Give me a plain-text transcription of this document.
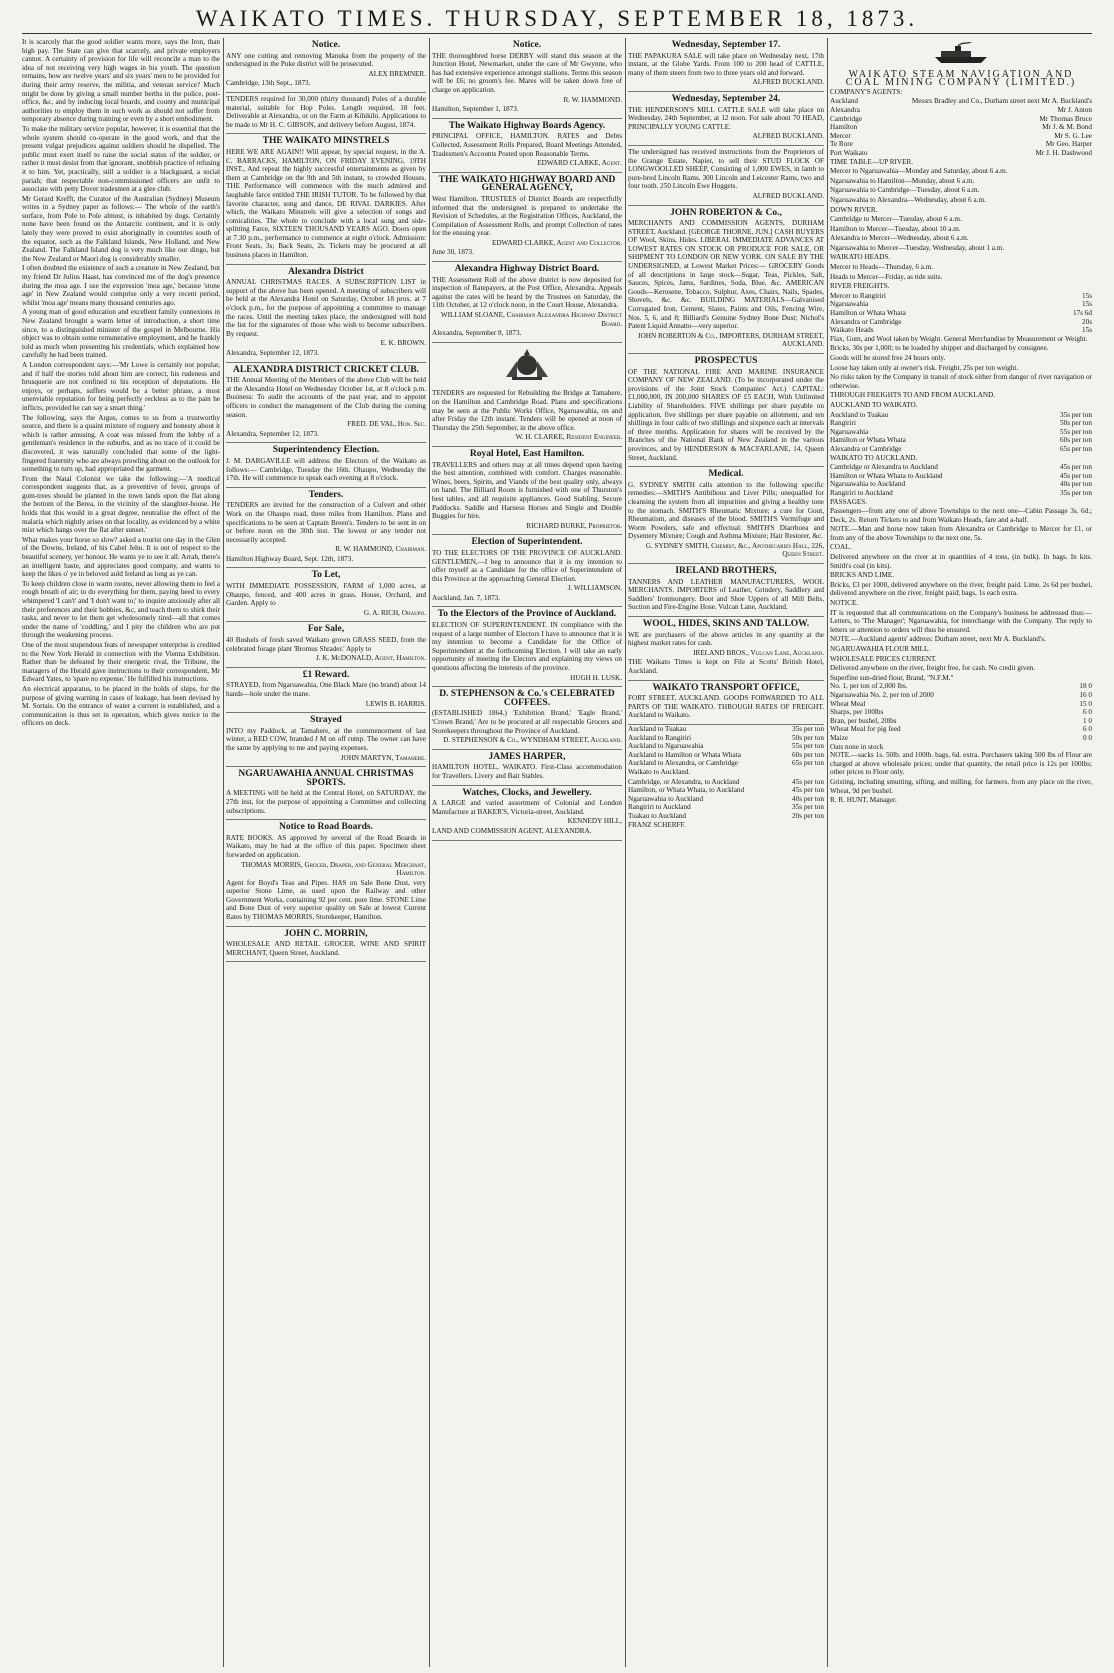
WAIKATO TIMES. THURSDAY, SEPTEMBER 18, 1873.

It is scarcely that the good soldier wants more, says the Iron, than high pay. The State can give that scarcely, and private employers cannot. A certainty of provision for life will reconcile a man to the idea of not receiving very high wages in his youth. The question remains, how are twelve years' and six years' men to be provided for during their army reserve, the militia, and veteran service? Much might be done by giving a small number berths in the police, post-office, &c, and by inducing local boards, and county and municipal authorities to employ them in such work as should not suffer from temporary absence during training or even by a short embodiment.

To make the military service popular, however, it is essential that the whole system should co-operate in the good work, and that the present vulgar prejudices against soldiers should be dispelled. The public must exert itself to raise the social status of the soldier, or rather it must desist from that ignorant, snobbish practice of refusing it to him. Yet, practically, still a soldier is a blackguard, a social pariah; that respectable non-commissioned officers are unfit to associate with petty Dover tradesmen at a glee club.

Mr Gerard Krefft, the Curator of the Australian (Sydney) Museum writes in a Sydney paper as follows:— The whole of the earth's surface, from Pole to Pole almost, is inhabited by dogs. Certainly none have been found on the Antarctic continent, and it is only lately they were proved to exist aboriginally in countries south of the equator, such as the Falkland Islands, New Holland, and New Zealand. The Falkland Island dog is very much like our dingo, but the New Zealand or Maori dog is considerably smaller.

I often doubted the existence of such a creature in New Zealand, but my friend Dr Julius Haast, has convinced me of the dog's presence during the moa age. I use the expression 'moa age,' because 'stone age' in New Zealand would comprise only a very recent period, whilst 'moa age' means many thousand centuries ago.

A young man of good education and excellent family connexions in New Zealand brought a warm letter of introduction, a short time since, to a distinguished minister of the gospel in Melbourne. His object was to obtain some remunerative employment, and he frankly told as much when presenting his credentials, which explained how carefully he had been trained.

A London correspondent says:—'Mr Lowe is certainly not popular, and if half the stories told about him are correct, his rudeness and brusquerie are not confined to his reception of deputations. He enjoys, or perhaps, suffers would be a better phrase, a most unenviable reputation for being perfectly reckless as to the pain he inflicts, provided he can say a smart thing.'

The following, says the Argus, comes to us from a trustworthy source, and there is a quaint mixture of roguery and honesty about it which is rather amusing. A coat was missed from the lobby of a gentleman's residence in the suburbs, and as no trace of it could be discovered, it was naturally concluded that some of the light-fingered fraternity who are always prowling about on the outlook for something to turn up, had appropriated the garment.

From the Natal Colonist we take the following:—'A medical correspondent suggests that, as a preventive of fever, groups of gum-trees should be planted in the town lands upon the flat along the bottom of the Berea, in the vicinity of the slaughter-house. He holds that this would in a great degree, neutralise the effect of the malaria which nightly arises on that locality, as evidenced by a white mist which hangs over the flat after sunset.'

What makes your horse so slow? asked a tourist one day in the Glen of the Downs, Ireland, of his Cabel Jehu. It is out of respect to the beautiful scenery, yer honour. He wants ye to see it all. Arrah, there's an intelligent baste, and appreciates good company, and wants to keep the likes o' ye in beloved auld Ireland as long as ye can.

To keep children close in warm rooms, never allowing them to feel a rough breath of air; to do everything for them, paying heed to every whimpered 'I can't' and 'I don't want to;' to inquire anxiously after all their preferences and their hobbies, &c, and teach them to shirk their tasks, and never to let them get wholesomely tired—all that comes under the name of 'coddling,' and I pity the children who are put through the weakening process.

One of the most stupendous feats of newspaper enterprise is credited to the New York Herald in connection with the Vienna Exhibition. Rather than be defeated by their energetic rival, the Tribune, the managers of the Herald gave instructions to their correspondent, Mr Edward Yates, to 'spare no expense.' He fulfilled his instructions.

An electrical apparatus, to be placed in the holds of ships, for the purpose of giving warning in cases of leakage, has been devised by M. Sortais. On the entrance of water a current is established, and a communication is thus set in operation, which gives notice to the officers on deck.

Notice.

ANY one cutting and removing Manuka from the property of the undersigned in the Puke district will be prosecuted.

ALEX BREMNER.

Cambridge, 13th Sept., 1873.

TENDERS required for 30,000 (thirty thousand) Poles of a durable material, suitable for Hop Poles. Length required, 18 feet. Deliverable at Alexandra, or on the Farm at Kihikihi. Applications to be made to Mr H. C. GIBSON, and delivery before August, 1874.

THE WAIKATO MINSTRELS

HERE WE ARE AGAIN!! Will appear, by special request, in the A. C. BARRACKS, HAMILTON, ON FRIDAY EVENING, 19TH INST., And repeat the highly successful entertainments as given by them at Cambridge on the 9th and 5th instant, to crowded Houses. THE Performance will commence with the much admired and laughable farce entitled THE IRISH TUTOR. To be followed by that favorite character, song and dance, DE RIVAL DARKIES. After which, the Waikato Minstrels will give a selection of songs and comicalities. The whole to conclude with a local song and side-splitting Farce, SIXTEEN THOUSAND YEARS AGO. Doors open at 7.30 p.m., performance to commence at eight o'clock. Admission: Front Seats, 3s; Back Seats, 2s. Tickets may be procured at all business places in Hamilton.

Alexandra District

ANNUAL CHRISTMAS RACES. A SUBSCRIPTION LIST in support of the above has been opened. A meeting of subscribers will be held at the Alexandra Hotel on Saturday, October 18 prox. at 7 o'clock p.m., for the purpose of appointing a committee to manage the races. Until the meeting takes place, the undersigned will hold the list for the signatures of those who wish to become subscribers. By request.

E. K. BROWN.

Alexandra, September 12, 1873.

ALEXANDRA DISTRICT CRICKET CLUB.

THE Annual Meeting of the Members of the above Club will be held at the Alexandra Hotel on Wednesday October 1st, at 8 o'clock p.m. Business: To audit the accounts of the past year, and to appoint officers to conduct the management of the Club during the coming season.

FRED. DE VAL, Hon. Sec.

Alexandra, September 12, 1873.

Superintendency Election.

J. M. DARGAVILLE will address the Electors of the Waikato as follows:— Cambridge, Tuesday the 16th. Ohaupo, Wednesday the 17th. He will commence to speak each evening at 8 o'clock.

Tenders.

TENDERS are invited for the construction of a Culvert and other Work on the Ohaupo road, three miles from Hamilton. Plans and specifications to be seen at Captain Breen's. Tenders to be sent in on or before noon on the 30th inst. The lowest or any tender not necessarily accepted.

R. W. HAMMOND, Chairman.

Hamilton Highway Board, Sept. 12th, 1873.

To Let,

WITH IMMEDIATE POSSESSION, FARM of 1,000 acres, at Ohaupo, fenced, and 400 acres in grass. House, Orchard, and Garden. Apply to

G. A. RICH, Ohaupo.

For Sale,

40 Bushels of fresh saved Waikato grown GRASS SEED, from the celebrated forage plant 'Bromus Shrader.' Apply to

J. K. McDONALD, Agent, Hamilton.

£1 Reward.

STRAYED, from Ngaruawahia, One Black Mare (no brand) about 14 hands—hole under the mane.

LEWIS B. HARRIS.

Strayed

INTO my Paddock, at Tamahere, at the commencement of last winter, a RED COW, branded J M on off rump. The owner can have the same by applying to me and paying expenses.

JOHN MARTYN, Tamahere.

NGARUAWAHIA ANNUAL CHRISTMAS SPORTS.

A MEETING will be held at the Central Hotel, on SATURDAY, the 27th inst, for the purpose of appointing a Committee and collecting subscriptions.

Notice to Road Boards.

RATE BOOKS. AS approved by several of the Road Boards in Waikato, may be had at the office of this paper. Specimen sheet forwarded on application.

THOMAS MORRIS, Grocer, Draper, and General Merchant, Hamilton.

Agent for Boyd's Teas and Pipes. HAS on Sale Bone Dust, very superior Stone Lime, as used upon the Railway and other Government Works, containing 92 per cent. pure lime. STONE Lime and Bone Dust of very superior quality on Sale at lowest Current Rates by THOMAS MORRIS, Storekeeper, Hamilton.

JOHN C. MORRIN,

WHOLESALE AND RETAIL GROCER, WINE AND SPIRIT MERCHANT, Queen Street, Auckland.

Notice.

THE thoroughbred horse DERBY will stand this season at the Junction Hotel, Newmarket, under the care of Mr Gwynne, who has had extensive experience amongst stallions. Terms this season will be £6; no groom's fee. Mares will be taken down free of charge on application.

R. W. HAMMOND.

Hamilton, September 1, 1873.

The Waikato Highway Boards Agency.

PRINCIPAL OFFICE, HAMILTON. RATES and Debts Collected, Assessment Rolls Prepared, Board Meetings Attended, Tradesmen's Accounts Posted upon Reasonable Terms.

EDWARD CLARKE, Agent.

THE WAIKATO HIGHWAY BOARD AND GENERAL AGENCY,

West Hamilton. TRUSTEES of District Boards are respectfully informed that the undersigned is prepared to undertake the Revision of Schedules, at the Registration Offices, Auckland, the Compilation of Assessment Rolls, and prompt Collection of rates for the ensuing year.

EDWARD CLARKE, Agent and Collector.

June 30, 1873.

Alexandra Highway District Board.

THE Assessment Roll of the above district is now deposited for inspection of Ratepayers, at the Post Office, Alexandra. Appeals against the rates will be heard by the Trustees on Saturday, the 11th October, at 12 o'clock noon, in the Court House, Alexandra.

WILLIAM SLOANE, Chairman Alexandra Highway District Board.

Alexandra, September 8, 1873.

TENDERS are requested for Rebuilding the Bridge at Tamahere, on the Hamilton and Cambridge Road. Plans and specifications may be seen at the Public Works Office, Ngaruawahia, on and after Friday the 12th instant. Tenders will be opened at noon of Thursday the 25th September, in the above office.

W. H. CLARKE, Resident Engineer.

Royal Hotel, East Hamilton.

TRAVELLERS and others may at all times depend upon having the best attention, combined with comfort. Charges reasonable. Wines, beers, Spirits, and Viands of the best quality only, always on hand. The Billiard Room is furnished with one of Thurston's best tables, and all requisite appliances. Good Stabling. Secure Paddocks. Saddle and Harness Horses and Single and Double Buggies for hire.

RICHARD BURKE, Proprietor.

Election of Superintendent.

TO THE ELECTORS OF THE PROVINCE OF AUCKLAND. GENTLEMEN,—I beg to announce that it is my intention to offer myself as a Candidate for the office of Superintendent of this Province at the approaching General Election.

J. WILLIAMSON.

Auckland, Jan. 7, 1873.

To the Electors of the Province of Auckland.

ELECTION OF SUPERINTENDENT. IN compliance with the request of a large number of Electors I have to announce that it is my intention to become a Candidate for the Office of Superintendent at the forthcoming Election. I will take an early opportunity of meeting the Electors and explaining my views on questions affecting the interests of the province.

HUGH H. LUSK.

D. STEPHENSON & Co.'s CELEBRATED COFFEES.

(ESTABLISHED 1864.) 'Exhibition Brand,' 'Eagle Brand,' 'Crown Brand,' Are to be procured at all respectable Grocers and Storekeepers throughout the Province of Auckland.

D. STEPHENSON & Co., WYNDHAM STREET, Auckland.

JAMES HARPER,

HAMILTON HOTEL, WAIKATO. First-Class accommodation for Travellers. Livery and Bait Stables.

Watches, Clocks, and Jewellery.

A LARGE and varied assortment of Colonial and London Manufacture at BAKER'S, Victoria-street, Auckland.

KENNEDY HILL,

LAND AND COMMISSION AGENT, ALEXANDRA.

Wednesday, September 17.

THE PAPAKURA SALE will take place on Wednesday next, 17th instant, at the Globe Yards. From 100 to 200 head of CATTLE, many of them steers from two to three years old and forward.

ALFRED BUCKLAND.

Wednesday, September 24.

THE HENDERSON'S MILL CATTLE SALE will take place on Wednesday, 24th September, at 12 noon. For sale about 70 HEAD, PRINCIPALLY YOUNG CATTLE.

ALFRED BUCKLAND.

The undersigned has received instructions from the Proprietors of the Grange Estate, Napier, to sell their STUD FLOCK OF LONGWOOLLED SHEEP, Consisting of 1,000 EWES, in lamb to pure-bred Lincoln Rams. 300 Lincoln and Leicester Rams, two and four tooth. 250 Lincoln Ewe Hoggets.

ALFRED BUCKLAND.

JOHN ROBERTON & Co.,

MERCHANTS AND COMMISSION AGENTS, DURHAM STREET, Auckland. [GEORGE THORNE, JUN.] CASH BUYERS OF Wool, Skins, Hides. LIBERAL IMMEDIATE ADVANCES AT LOWEST RATES ON STOCK OR PRODUCE FOR SALE, OR SHIPMENT TO LONDON OR NEW YORK. ON SALE BY THE UNDERSIGNED, at Lowest Market Prices:— GROCERY Goods of all descriptions in large stock—Sugar, Teas, Pickles, Salt, Sauces, Spices, Jams, Sardines, Soda, Blue, &c. AMERICAN Goods—Kerosene, Tobacco, Sulphur, Axes, Chairs, Nails, Spades, Shovels, &c. &c. BUILDING MATERIALS—Galvanised Corrugated Iron, Cement, Slates, Paints and Oils, Fencing Wire, Nos. 5, 6, and 8; Billiard's Genuine Sydney Bone Dust; Nichol's Patent Liquid Annatto—very superior.

JOHN ROBERTON & Co., IMPORTERS, DURHAM STREET, AUCKLAND.

PROSPECTUS

OF THE NATIONAL FIRE AND MARINE INSURANCE COMPANY OF NEW ZEALAND. (To be incorporated under the provisions of the Joint Stock Companies' Act.) CAPITAL: £1,000,000, IN 200,000 SHARES OF £5 EACH, With Unlimited Liability of Shareholders. FIVE shillings per share payable on application, five shillings per share payable on allotment, and ten shillings in four calls of two shillings and sixpence each at intervals of three months. Application for shares will be received by the Branches of the National Bank of New Zealand in the various provinces, and by HENDERSON & MACFARLANE, 14, Queen Street, Auckland.

Medical.

G. SYDNEY SMITH calls attention to the following specific remedies:—SMITH'S Antibilious and Liver Pills; unequalled for cleansing the system from all impurities and giving a healthy tone to the stomach. SMITH'S Rheumatic Mixture; a cure for Gout, Rheumatism, and diseases of the blood. SMITH'S Vermifuge and Worm Powders, safe and effectual. SMITH'S Diarrhoea and Dysentery Mixture; Cough and Asthma Mixture; Hair Restorer, &c.

G. SYDNEY SMITH, Chemist, &c., Apothecaries Hall, 226, Queen Street.

IRELAND BROTHERS,

TANNERS AND LEATHER MANUFACTURERS, WOOL MERCHANTS. IMPORTERS of Leather, Grindery, Saddlery and Saddlers' Ironmongery. Boot and Shoe Uppers of all Mill Belts, Suction and Fire-Engine Hose. Vulcan Lane, Auckland.

WOOL, HIDES, SKINS AND TALLOW.

WE are purchasers of the above articles in any quantity at the highest market rates for cash.

IRELAND BROS., Vulcan Lane, Auckland.

THE Waikato Times is kept on File at Scotts' British Hotel, Auckland.

WAIKATO TRANSPORT OFFICE,

FORT STREET, AUCKLAND. GOODS FORWARDED TO ALL PARTS OF THE WAIKATO. THROUGH RATES OF FREIGHT. Auckland to Waikato.

Auckland to Tuakau	35s per ton
Auckland to Rangiriri	50s per ton
Auckland to Ngaruawahia	55s per ton
Auckland to Hamilton or Whata Whata	60s per ton
Auckland to Alexandra, or Cambridge	65s per ton

Waikato to Auckland.

Cambridge, or Alexandra, to Auckland	45s per ton
Hamilton, or Whata Whata, to Auckland	45s per ton
Ngaruawahia to Auckland	40s per ton
Rangiriri to Auckland	35s per ton
Tuakau to Auckland	20s per ton

FRANZ SCHERFF.

WAIKATO STEAM NAVIGATION AND COAL MINING COMPANY (LIMITED.)

COMPANY'S AGENTS:

Auckland	Messrs Bradley and Co., Durham street next Mr A. Buckland's
Alexandra	Mr J. Anton
Cambridge	Mr Thomas Bruce
Hamilton	Mr J. & M. Bond
Mercer	Mr S. G. Lee
Te Rore	Mr Geo. Harper
Port Waikato	Mr J. H. Dashwood

TIME TABLE—UP RIVER.

Mercer to Ngaruawahia—Monday and Saturday, about 6 a.m.

Ngaruawahia to Hamilton—Monday, about 6 a.m.

Ngaruawahia to Cambridge—Tuesday, about 6 a.m.

Ngaruawahia to Alexandra—Wednesday, about 6 a.m.

DOWN RIVER.

Cambridge to Mercer—Tuesday, about 6 a.m.

Hamilton to Mercer—Tuesday, about 10 a.m.

Alexandra to Mercer—Wednesday, about 6 a.m.

Ngaruawahia to Mercer—Tuesday, Wednesday, about 1 a.m.

WAIKATO HEADS.

Mercer to Heads—Thursday, 6 a.m.

Heads to Mercer—Friday, as tide suits.

RIVER FREIGHTS.

Mercer to Rangiriri	15s
Ngaruawahia	15s
Hamilton or Whata Whata	17s 6d
Alexandra or Cambridge	20s
Waikato Heads	15s

Flax, Gum, and Wool taken by Weight. General Merchandise by Measurement or Weight.

Bricks, 30s per 1,000; to be loaded by shipper and discharged by consignee.

Goods will be stored free 24 hours only.

Loose hay taken only at owner's risk. Freight, 25s per ton weight.

No risks taken by the Company in transit of stock either from danger of river navigation or otherwise.

THROUGH FREIGHTS TO AND FROM AUCKLAND.

AUCKLAND TO WAIKATO.

Auckland to Tuakau	35s per ton
Rangiriri	50s per ton
Ngaruawahia	55s per ton
Hamilton or Whata Whata	60s per ton
Alexandra or Cambridge	65s per ton

WAIKATO TO AUCKLAND.

Cambridge or Alexandra to Auckland	45s per ton
Hamilton or Whata Whata to Auckland	45s per ton
Ngaruawahia to Auckland	40s per ton
Rangiriri to Auckland	35s per ton

PASSAGES.

Passengers—from any one of above Townships to the next one—Cabin Passage 3s. 6d.; Deck, 2s. Return Tickets to and from Waikato Heads, fare and a-half.

NOTE.—Man and horse now taken from Alexandra or Cambridge to Mercer for £1, or from any of the above Townships to the next one, 5s.

COAL.

Delivered anywhere on the river at in quantities of 4 tons, (in bulk). In bags. In kits. Smith's coal (in kits).

BRICKS AND LIME.

Bricks, £3 per 1000, delivered anywhere on the river, freight paid. Lime, 2s 6d per bushel, delivered anywhere on the river, freight paid; bags, 1s each extra.

NOTICE.

IT is requested that all communications on the Company's business be addressed thus:—Letters, to 'The Manager'; Ngaruawahia, for interchange with the Company. The reply to letters or attention to orders will thus be ensured.

NOTE.—Auckland agents' address: Durham street, next Mr A. Buckland's.

NGARUAWAHIA FLOUR MILL.

WHOLESALE PRICES CURRENT.

Delivered anywhere on the river, freight free, for cash. No credit given.

Superfine sun-dried flour, Brand, "N.F.M."
No. 1, per ton of 2,000 lbs.	18 0
Ngaruawahia No. 2, per ton of 2000	16 0
Wheat Meal	15 0
Sharps, per 100lbs	6 0
Bran, per bushel, 20lbs	1 0
Wheat Meal for pig feed	6 0
Maize	0 0
Oats none in stock

NOTE.—sacks 1s. 50lb. and 100lb. bags, 6d. extra. Purchasers taking 500 lbs of Flour are charged at above wholesale prices; under that quantity, the retail price is 12s per 100lbs; other prices to Flour only.

Gristing, including smutting, sifting, and milling, for farmers, from any place on the river, Wheat, 9d per bushel.

R. R. HUNT, Manager.
